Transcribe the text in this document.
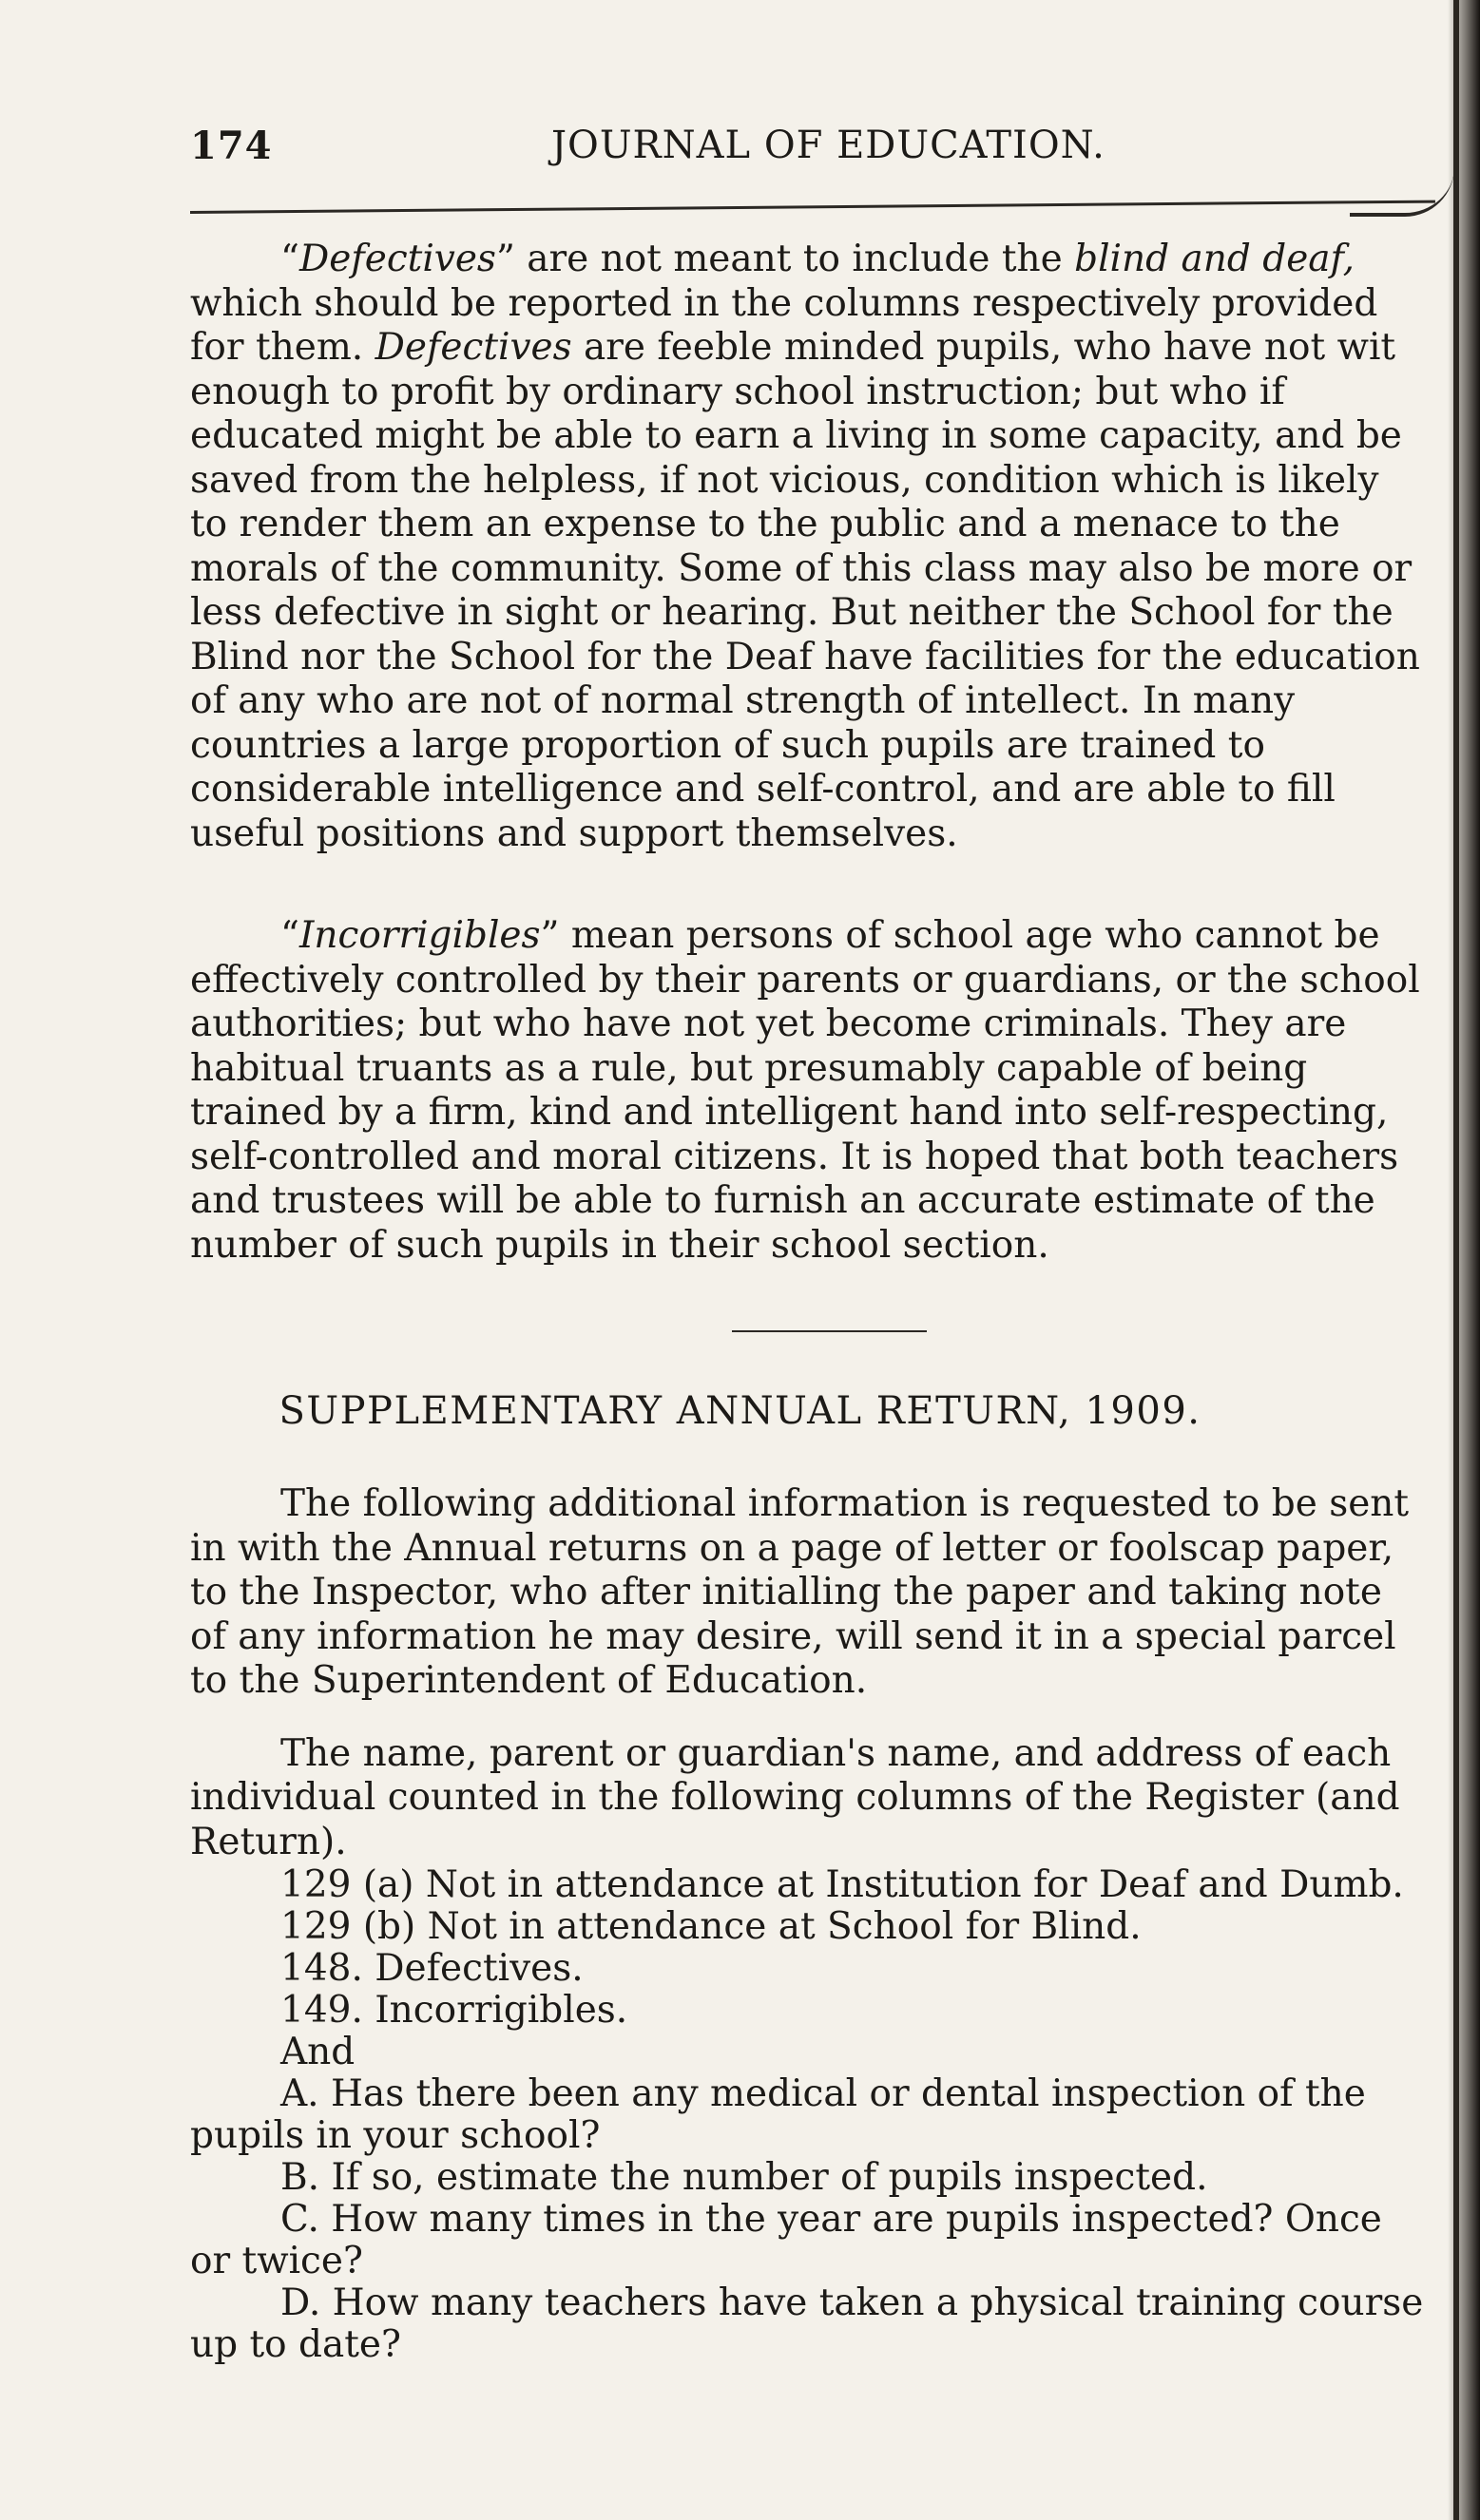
174	JOURNAL OF EDUCATION.

“Defectives” are not meant to include the blind and deaf, which should be reported in the columns respectively provided for them. Defectives are feeble minded pupils, who have not wit enough to profit by ordinary school instruction; but who if educated might be able to earn a living in some capacity, and be saved from the helpless, if not vicious, condition which is likely to render them an expense to the public and a menace to the morals of the community. Some of this class may also be more or less defective in sight or hearing. But neither the School for the Blind nor the School for the Deaf have facilities for the education of any who are not of normal strength of intellect. In many countries a large proportion of such pupils are trained to considerable intelligence and self-control, and are able to fill useful positions and support themselves.

“Incorrigibles” mean persons of school age who cannot be effectively controlled by their parents or guardians, or the school authorities; but who have not yet become criminals. They are habitual truants as a rule, but presumably capable of being trained by a firm, kind and intelligent hand into self-respecting, self-controlled and moral citizens. It is hoped that both teachers and trustees will be able to furnish an accurate estimate of the number of such pupils in their school section.

SUPPLEMENTARY ANNUAL RETURN, 1909.

The following additional information is requested to be sent in with the Annual returns on a page of letter or foolscap paper, to the Inspector, who after initialling the paper and taking note of any information he may desire, will send it in a special parcel to the Superintendent of Education.

The name, parent or guardian's name, and address of each individual counted in the following columns of the Register (and Return).

129 (a) Not in attendance at Institution for Deaf and Dumb.

129 (b) Not in attendance at School for Blind.

148. Defectives.

149. Incorrigibles.

And

A. Has there been any medical or dental inspection of the pupils in your school?

B. If so, estimate the number of pupils inspected.

C. How many times in the year are pupils inspected? Once or twice?

D. How many teachers have taken a physical training course up to date?
